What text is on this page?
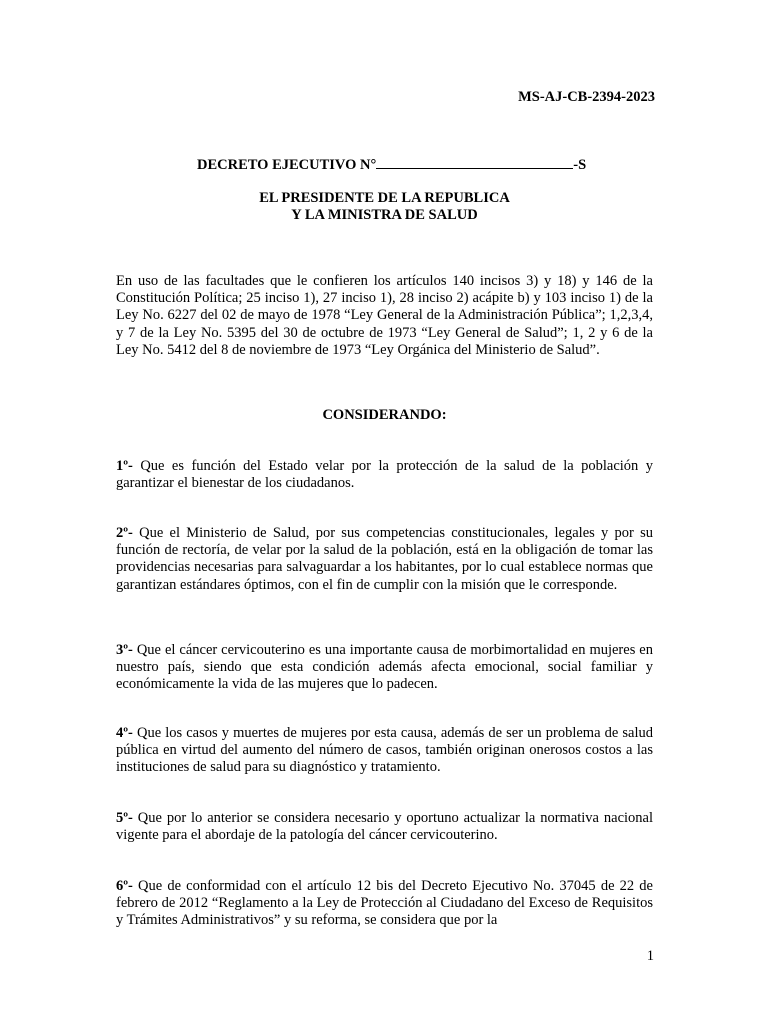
MS-AJ-CB-2394-2023
DECRETO EJECUTIVO N°	-S
EL PRESIDENTE DE LA REPUBLICA
Y LA MINISTRA DE SALUD
En uso de las facultades que le confieren los artículos 140 incisos 3) y 18) y 146 de la Constitución Política; 25 inciso 1), 27 inciso 1), 28 inciso 2) acápite b) y 103 inciso 1) de la Ley No. 6227 del 02 de mayo de 1978 “Ley General de la Administración Pública”; 1,2,3,4, y 7 de la Ley No. 5395 del 30 de octubre de 1973 “Ley General de Salud”; 1, 2 y 6 de la Ley No. 5412 del 8 de noviembre de 1973 “Ley Orgánica del Ministerio de Salud”.
CONSIDERANDO:
1º- Que es función del Estado velar por la protección de la salud de la población y garantizar el bienestar de los ciudadanos.
2º- Que el Ministerio de Salud, por sus competencias constitucionales, legales y por su función de rectoría, de velar por la salud de la población, está en la obligación de tomar las providencias necesarias para salvaguardar a los habitantes, por lo cual establece normas que garantizan estándares óptimos, con el fin de cumplir con la misión que le corresponde.
3º- Que el cáncer cervicouterino es una importante causa de morbimortalidad en mujeres en nuestro país, siendo que esta condición además afecta emocional, social familiar y económicamente la vida de las mujeres que lo padecen.
4º- Que los casos y muertes de mujeres por esta causa, además de ser un problema de salud pública en virtud del aumento del número de casos, también originan onerosos costos a las instituciones de salud para su diagnóstico y tratamiento.
5º- Que por lo anterior se considera necesario y oportuno actualizar la normativa nacional vigente para el abordaje de la patología del cáncer cervicouterino.
6º- Que de conformidad con el artículo 12 bis del Decreto Ejecutivo No. 37045 de 22 de febrero de 2012 “Reglamento a la Ley de Protección al Ciudadano del Exceso de Requisitos y Trámites Administrativos” y su reforma, se considera que por la
1
